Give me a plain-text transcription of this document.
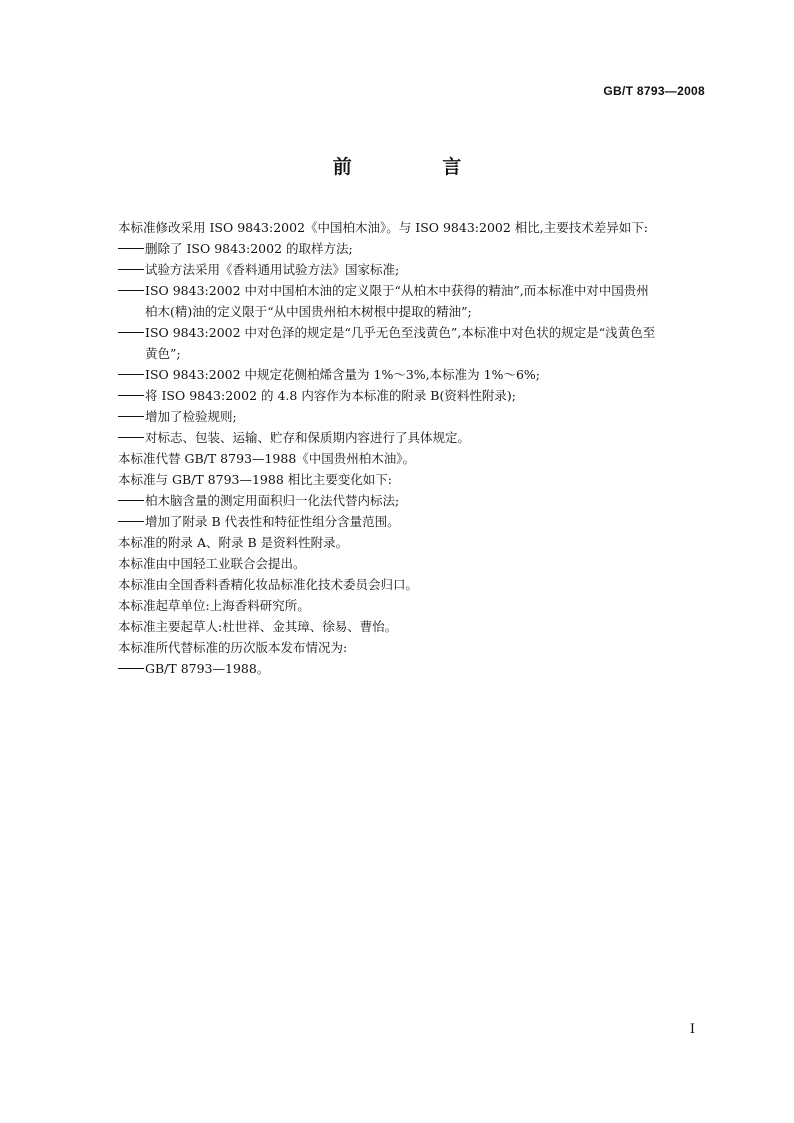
GB/T 8793—2008
前 言
本标准修改采用 ISO 9843:2002《中国柏木油》。与 ISO 9843:2002 相比,主要技术差异如下:
删除了 ISO 9843:2002 的取样方法;
试验方法采用《香料通用试验方法》国家标准;
ISO 9843:2002 中对中国柏木油的定义限于“从柏木中获得的精油”,而本标准中对中国贵州
柏木(精)油的定义限于“从中国贵州柏木树根中提取的精油”;
ISO 9843:2002 中对色泽的规定是“几乎无色至浅黄色”,本标准中对色状的规定是“浅黄色至
黄色”;
ISO 9843:2002 中规定花侧柏烯含量为 1%～3%,本标准为 1%～6%;
将 ISO 9843:2002 的 4.8 内容作为本标准的附录 B(资料性附录);
增加了检验规则;
对标志、包装、运输、贮存和保质期内容进行了具体规定。
本标准代替 GB/T 8793—1988《中国贵州柏木油》。
本标准与 GB/T 8793—1988 相比主要变化如下:
柏木脑含量的测定用面积归一化法代替内标法;
增加了附录 B 代表性和特征性组分含量范围。
本标准的附录 A、附录 B 是资料性附录。
本标准由中国轻工业联合会提出。
本标准由全国香料香精化妆品标准化技术委员会归口。
本标准起草单位:上海香料研究所。
本标准主要起草人:杜世祥、金其璋、徐易、曹怡。
本标准所代替标准的历次版本发布情况为:
GB/T 8793—1988。
I
